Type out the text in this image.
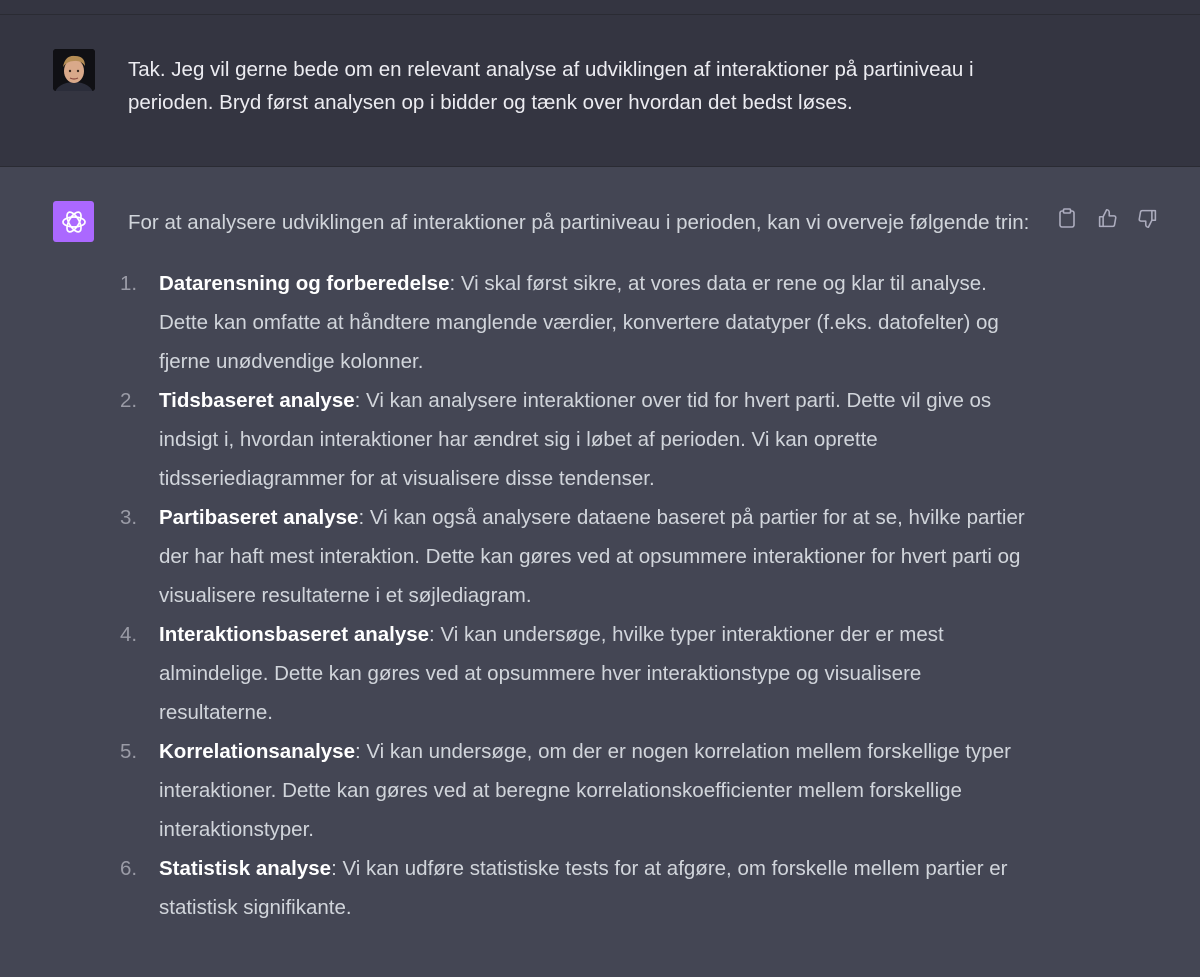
Tak. Jeg vil gerne bede om en relevant analyse af udviklingen af interaktioner på partiniveau i perioden. Bryd først analysen op i bidder og tænk over hvordan det bedst løses.

For at analysere udviklingen af interaktioner på partiniveau i perioden, kan vi overveje følgende trin:

1. Datarensning og forberedelse: Vi skal først sikre, at vores data er rene og klar til analyse. Dette kan omfatte at håndtere manglende værdier, konvertere datatyper (f.eks. datofelter) og fjerne unødvendige kolonner.
2. Tidsbaseret analyse: Vi kan analysere interaktioner over tid for hvert parti. Dette vil give os indsigt i, hvordan interaktioner har ændret sig i løbet af perioden. Vi kan oprette tidsseriediagrammer for at visualisere disse tendenser.
3. Partibaseret analyse: Vi kan også analysere dataene baseret på partier for at se, hvilke partier der har haft mest interaktion. Dette kan gøres ved at opsummere interaktioner for hvert parti og visualisere resultaterne i et søjlediagram.
4. Interaktionsbaseret analyse: Vi kan undersøge, hvilke typer interaktioner der er mest almindelige. Dette kan gøres ved at opsummere hver interaktionstype og visualisere resultaterne.
5. Korrelationsanalyse: Vi kan undersøge, om der er nogen korrelation mellem forskellige typer interaktioner. Dette kan gøres ved at beregne korrelationskoefficienter mellem forskellige interaktionstyper.
6. Statistisk analyse: Vi kan udføre statistiske tests for at afgøre, om forskelle mellem partier er statistisk signifikante.
